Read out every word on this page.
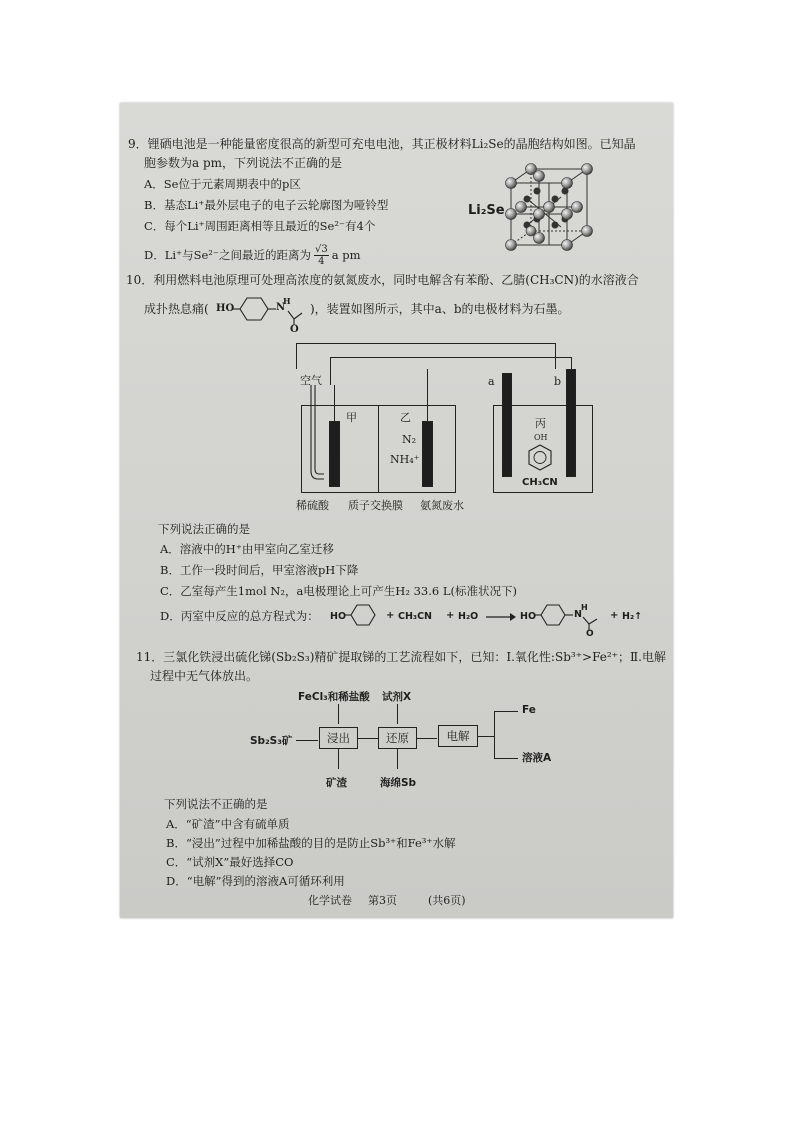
9．锂硒电池是一种能量密度很高的新型可充电电池，其正极材料Li₂Se的晶胞结构如图。已知晶
胞参数为a pm，下列说法不正确的是
A．Se位于元素周期表中的p区
B．基态Li⁺最外层电子的电子云轮廓图为哑铃型
C．每个Li⁺周围距离相等且最近的Se²⁻有4个
D．Li⁺与Se²⁻之间最近的距离为 $\frac{√3}{4}$ a pm
Li₂Se
10．利用燃料电池原理可处理高浓度的氨氮废水，同时电解含有苯酚、乙腈(CH₃CN)的水溶液合
成扑热息痛(	)，装置如图所示，其中a、b的电极材料为石墨。
HO	N
H
O
空气
甲	乙
N₂
NH₄⁺
a	b
丙
OH
CH₃CN
稀硫酸 质子交换膜 氨氮废水
下列说法正确的是
A．溶液中的H⁺由甲室向乙室迁移
B．工作一段时间后，甲室溶液pH下降
C．乙室每产生1mol N₂，a电极理论上可产生H₂ 33.6 L(标准状况下)
D．丙室中反应的总方程式为： HO	+ CH₃CN + H₂O	HO	N
H
O
+ H₂↑
11．三氯化铁浸出硫化锑(Sb₂S₃)精矿提取锑的工艺流程如下，已知：Ⅰ.氧化性:Sb³⁺>Fe²⁺；Ⅱ.电解
过程中无气体放出。
FeCl₃和稀盐酸 试剂X
Sb₂S₃矿	浸出	还原	电解
Fe
溶液A
矿渣	海绵Sb
下列说法不正确的是
A．“矿渣”中含有硫单质
B．“浸出”过程中加稀盐酸的目的是防止Sb³⁺和Fe³⁺水解
C．“试剂X”最好选择CO
D．“电解”得到的溶液A可循环利用
化学试卷 第3页	(共6页)
